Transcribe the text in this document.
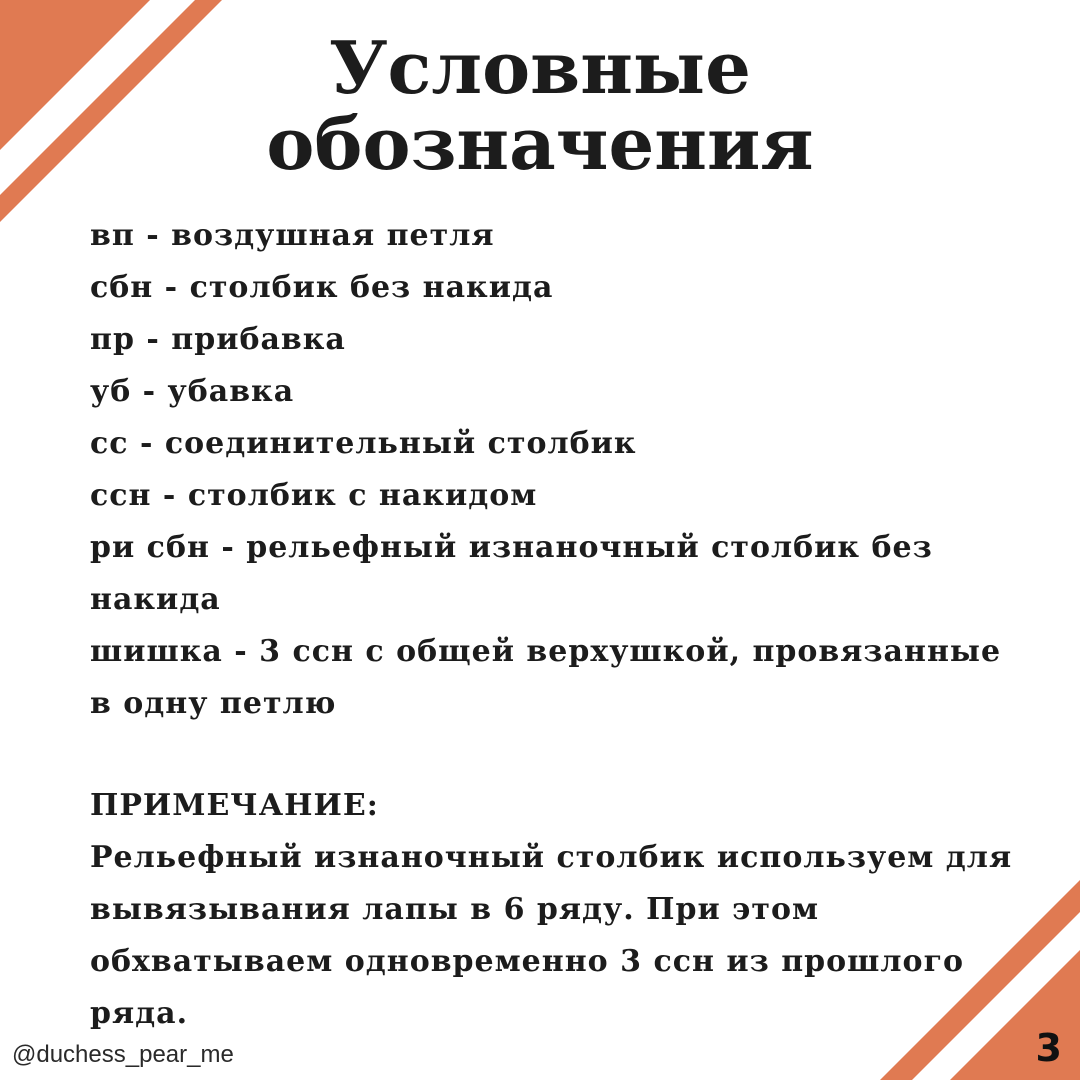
Условные
обозначения
вп - воздушная петля
сбн - столбик без накида
пр - прибавка
уб - убавка
сс - соединительный столбик
ссн - столбик с накидом
ри сбн - рельефный изнаночный столбик без накида
шишка - 3 ссн с общей верхушкой, провязанные в одну петлю

ПРИМЕЧАНИЕ:

Рельефный изнаночный столбик используем для вывязывания лапы в 6 ряду. При этом обхватываем одновременно 3 ссн из прошлого ряда.

@duchess_pear_me	3
